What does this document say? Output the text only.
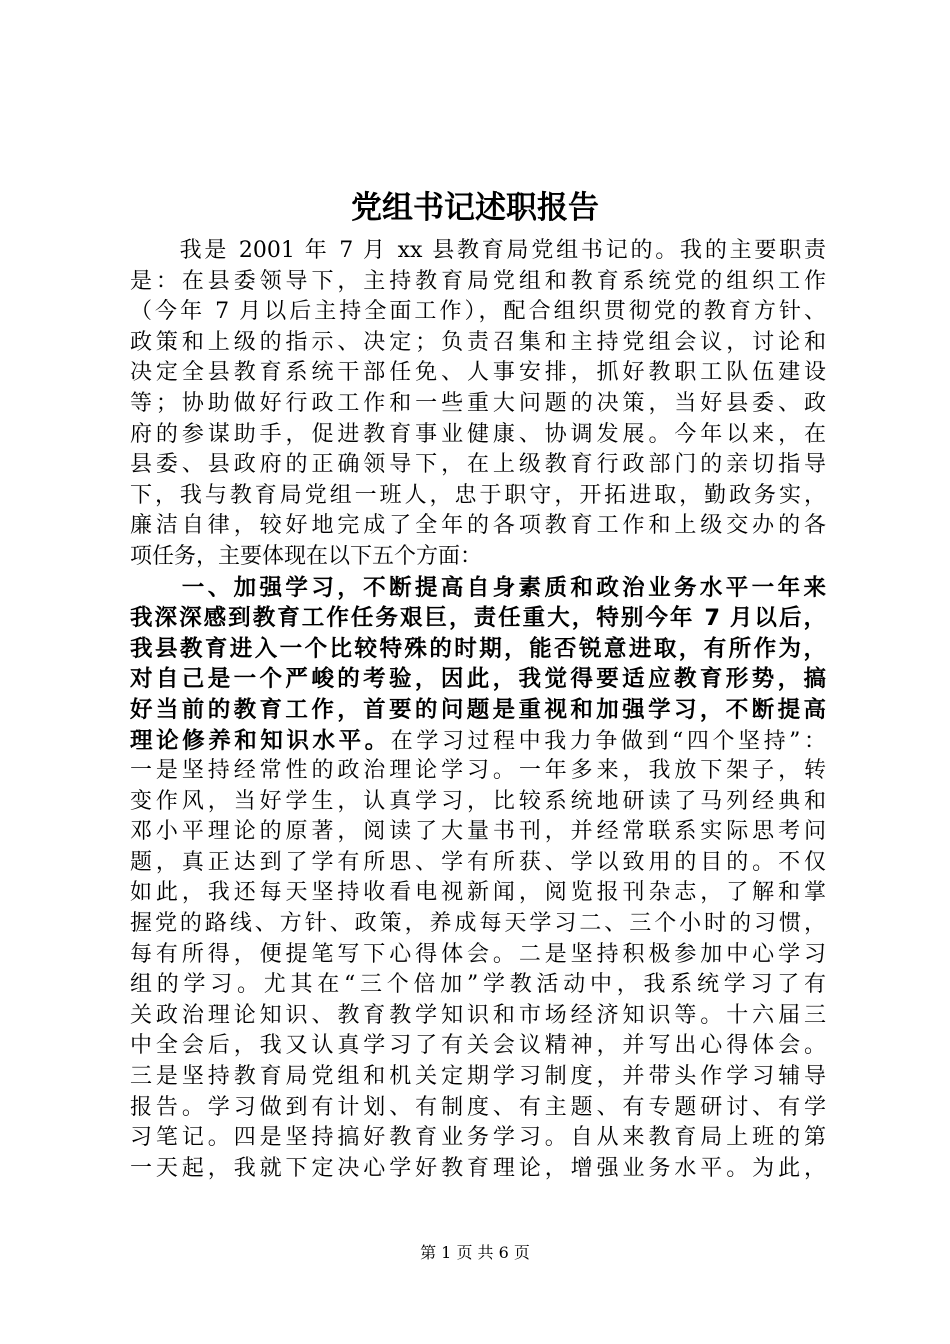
党组书记述职报告
　　我是 2001 年 7 月 xx 县教育局党组书记的。我的主要职责
是：在县委领导下，主持教育局党组和教育系统党的组织工作
（今年 7 月以后主持全面工作），配合组织贯彻党的教育方针、
政策和上级的指示、决定；负责召集和主持党组会议，讨论和
决定全县教育系统干部任免、人事安排，抓好教职工队伍建设
等；协助做好行政工作和一些重大问题的决策，当好县委、政
府的参谋助手，促进教育事业健康、协调发展。今年以来，在
县委、县政府的正确领导下，在上级教育行政部门的亲切指导
下，我与教育局党组一班人，忠于职守，开拓进取，勤政务实，
廉洁自律，较好地完成了全年的各项教育工作和上级交办的各
项任务，主要体现在以下五个方面：
　　一、加强学习，不断提高自身素质和政治业务水平一年来
我深深感到教育工作任务艰巨，责任重大，特别今年 7 月以后，
我县教育进入一个比较特殊的时期，能否锐意进取，有所作为，
对自己是一个严峻的考验，因此，我觉得要适应教育形势，搞
好当前的教育工作，首要的问题是重视和加强学习，不断提高
理论修养和知识水平。在学习过程中我力争做到“四个坚持”：
一是坚持经常性的政治理论学习。一年多来，我放下架子，转
变作风，当好学生，认真学习，比较系统地研读了马列经典和
邓小平理论的原著，阅读了大量书刊，并经常联系实际思考问
题，真正达到了学有所思、学有所获、学以致用的目的。不仅
如此，我还每天坚持收看电视新闻，阅览报刊杂志，了解和掌
握党的路线、方针、政策，养成每天学习二、三个小时的习惯，
每有所得，便提笔写下心得体会。二是坚持积极参加中心学习
组的学习。尤其在“三个倍加”学教活动中，我系统学习了有
关政治理论知识、教育教学知识和市场经济知识等。十六届三
中全会后，我又认真学习了有关会议精神，并写出心得体会。
三是坚持教育局党组和机关定期学习制度，并带头作学习辅导
报告。学习做到有计划、有制度、有主题、有专题研讨、有学
习笔记。四是坚持搞好教育业务学习。自从来教育局上班的第
一天起，我就下定决心学好教育理论，增强业务水平。为此，
第 1 页 共 6 页
